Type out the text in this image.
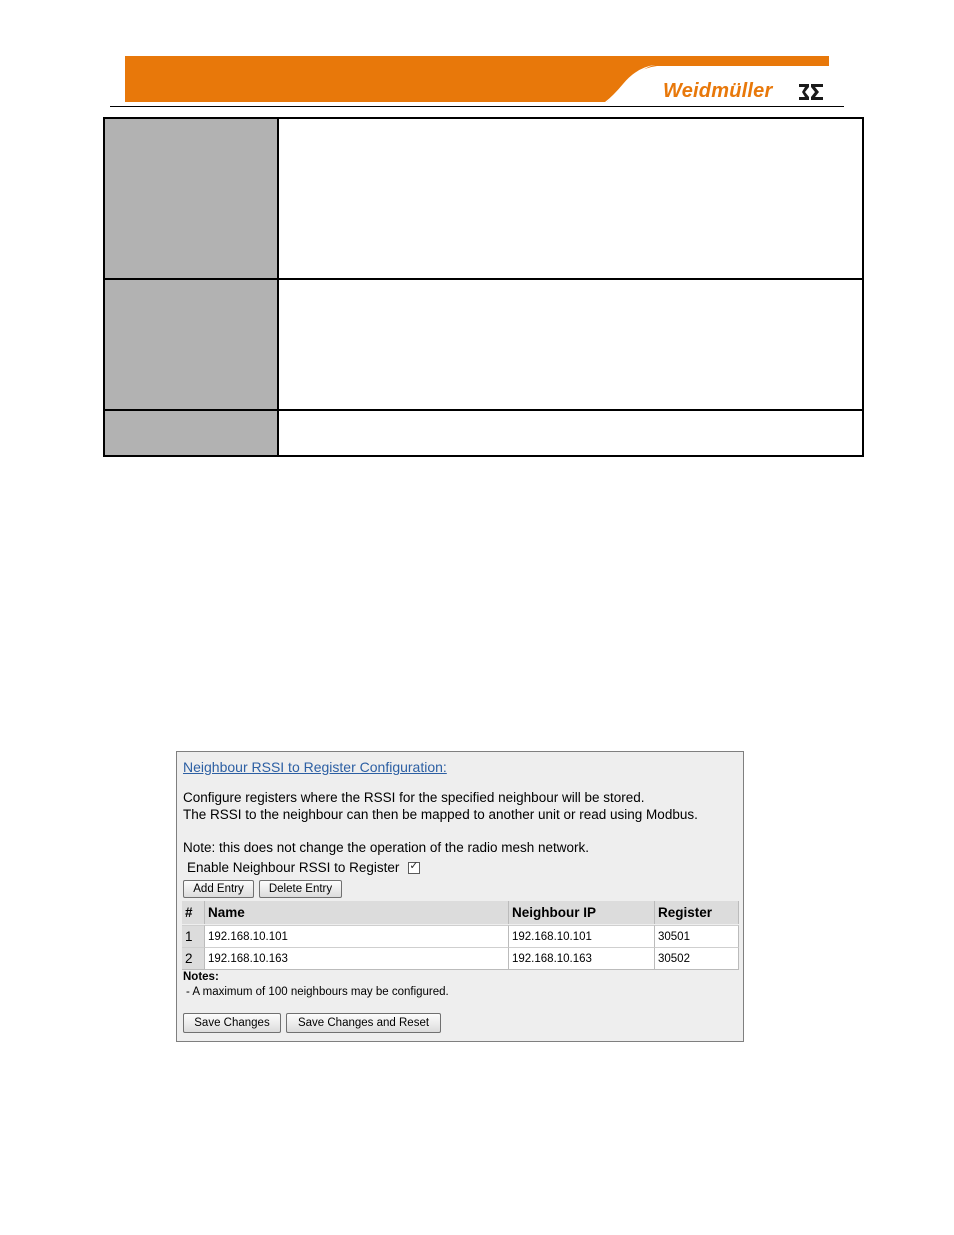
Weidmüller
Neighbour RSSI to Register Configuration:
Configure registers where the RSSI for the specified neighbour will be stored.
The RSSI to the neighbour can then be mapped to another unit or read using Modbus.
Note: this does not change the operation of the radio mesh network.
Enable Neighbour RSSI to Register
✓
Add Entry	Delete Entry
#	Name	Neighbour IP	Register
1	192.168.10.101	192.168.10.101	30501
2	192.168.10.163	192.168.10.163	30502
Notes:
- A maximum of 100 neighbours may be configured.
Save Changes	Save Changes and Reset
